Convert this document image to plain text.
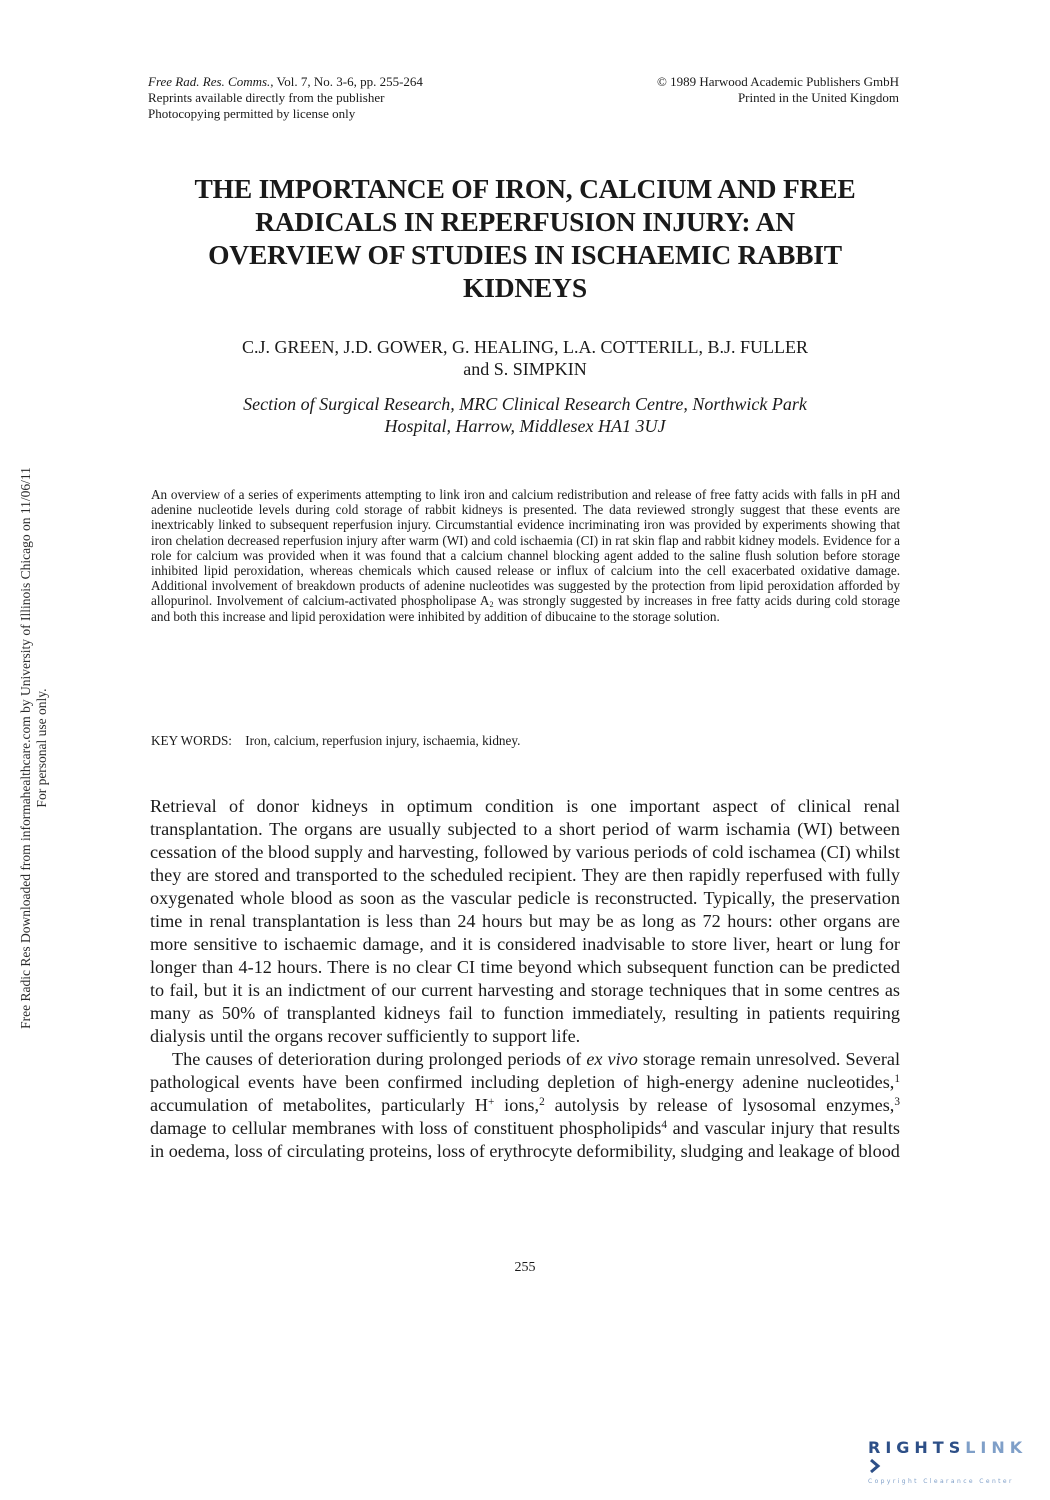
Free Rad. Res. Comms., Vol. 7, No. 3-6, pp. 255-264
Reprints available directly from the publisher
Photocopying permitted by license only
© 1989 Harwood Academic Publishers GmbH
Printed in the United Kingdom
THE IMPORTANCE OF IRON, CALCIUM AND FREE
RADICALS IN REPERFUSION INJURY: AN
OVERVIEW OF STUDIES IN ISCHAEMIC RABBIT
KIDNEYS
C.J. GREEN, J.D. GOWER, G. HEALING, L.A. COTTERILL, B.J. FULLER
and S. SIMPKIN
Section of Surgical Research, MRC Clinical Research Centre, Northwick Park
Hospital, Harrow, Middlesex HA1 3UJ

An overview of a series of experiments attempting to link iron and calcium redistribution and release of free fatty acids with falls in pH and adenine nucleotide levels during cold storage of rabbit kidneys is presented. The data reviewed strongly suggest that these events are inextricably linked to subsequent reperfusion injury. Circumstantial evidence incriminating iron was provided by experiments showing that iron chelation decreased reperfusion injury after warm (WI) and cold ischaemia (CI) in rat skin flap and rabbit kidney models. Evidence for a role for calcium was provided when it was found that a calcium channel blocking agent added to the saline flush solution before storage inhibited lipid peroxidation, whereas chemicals which caused release or influx of calcium into the cell exacerbated oxidative damage. Additional involvement of breakdown products of adenine nucleotides was suggested by the protection from lipid peroxidation afforded by allopurinol. Involvement of calcium-activated phospholipase $A_2$ was strongly suggested by increases in free fatty acids during cold storage and both this increase and lipid peroxidation were inhibited by addition of dibucaine to the storage solution.

KEY WORDS: Iron, calcium, reperfusion injury, ischaemia, kidney.

Retrieval of donor kidneys in optimum condition is one important aspect of clinical renal transplantation. The organs are usually subjected to a short period of warm ischamia (WI) between cessation of the blood supply and harvesting, followed by various periods of cold ischamea (CI) whilst they are stored and transported to the scheduled recipient. They are then rapidly reperfused with fully oxygenated whole blood as soon as the vascular pedicle is reconstructed. Typically, the preservation time in renal transplantation is less than 24 hours but may be as long as 72 hours: other organs are more sensitive to ischaemic damage, and it is considered inadvisable to store liver, heart or lung for longer than 4-12 hours. There is no clear CI time beyond which subsequent function can be predicted to fail, but it is an indictment of our current harvesting and storage techniques that in some centres as many as 50% of transplanted kidneys fail to function immediately, resulting in patients requiring dialysis until the organs recover sufficiently to support life.

The causes of deterioration during prolonged periods of ex vivo storage remain unresolved. Several pathological events have been confirmed including depletion of high-energy adenine nucleotides,$^1$ accumulation of metabolites, particularly H+ ions,$^2$ autolysis by release of lysosomal enzymes,$^3$ damage to cellular membranes with loss of constituent phospholipids$^4$ and vascular injury that results in oedema, loss of circulating proteins, loss of erythrocyte deformibility, sludging and leakage of blood

255
Free Radic Res Downloaded from informahealthcare.com by University of Illinois Chicago on 11/06/11 For personal use only.
RIGHTSLINK
Copyright Clearance Center
